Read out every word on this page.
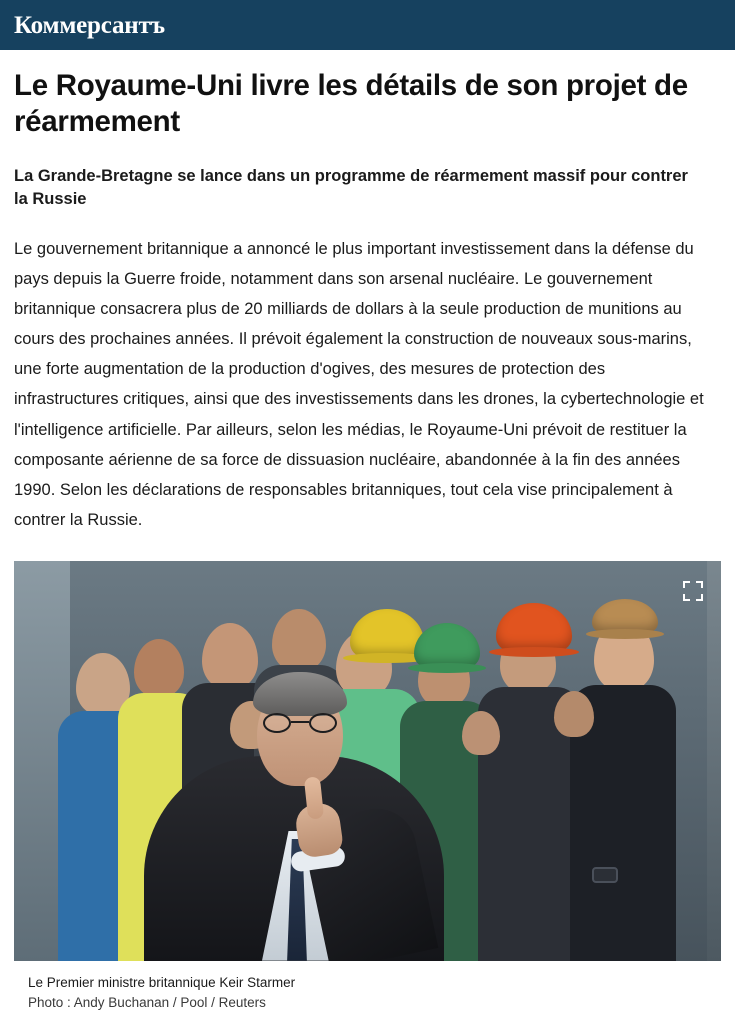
Коммерсантъ
Le Royaume-Uni livre les détails de son projet de réarmement
La Grande-Bretagne se lance dans un programme de réarmement massif pour contrer la Russie

Le gouvernement britannique a annoncé le plus important investissement dans la défense du pays depuis la Guerre froide, notamment dans son arsenal nucléaire. Le gouvernement britannique consacrera plus de 20 milliards de dollars à la seule production de munitions au cours des prochaines années. Il prévoit également la construction de nouveaux sous-marins, une forte augmentation de la production d'ogives, des mesures de protection des infrastructures critiques, ainsi que des investissements dans les drones, la cybertechnologie et l'intelligence artificielle. Par ailleurs, selon les médias, le Royaume-Uni prévoit de restituer la composante aérienne de sa force de dissuasion nucléaire, abandonnée à la fin des années 1990. Selon les déclarations de responsables britanniques, tout cela vise principalement à contrer la Russie.

Le Premier ministre britannique Keir Starmer
Photo : Andy Buchanan / Pool / Reuters
